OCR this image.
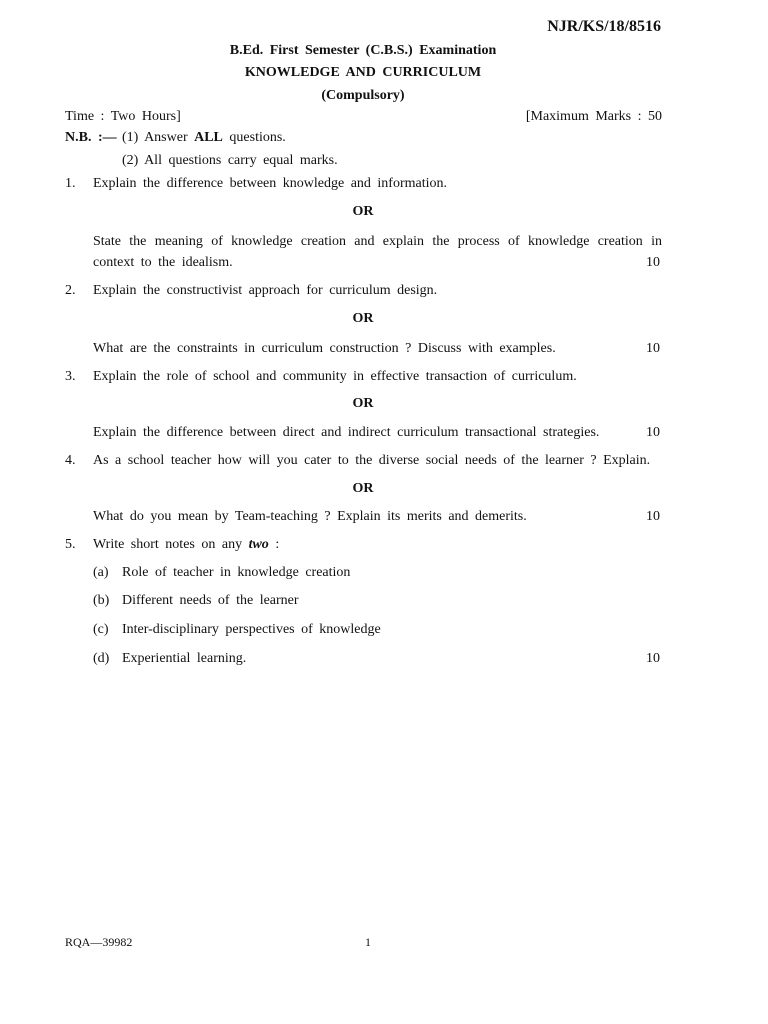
NJR/KS/18/8516
B.Ed. First Semester (C.B.S.) Examination
KNOWLEDGE AND CURRICULUM
(Compulsory)
Time : Two Hours]	[Maximum Marks : 50
N.B. :— (1) Answer ALL questions.
(2) All questions carry equal marks.
1. Explain the difference between knowledge and information.
OR
State the meaning of knowledge creation and explain the process of knowledge creation in
context to the idealism.	10
2. Explain the constructivist approach for curriculum design.
OR
What are the constraints in curriculum construction ? Discuss with examples.	10
3. Explain the role of school and community in effective transaction of curriculum.
OR
Explain the difference between direct and indirect curriculum transactional strategies.	10
4. As a school teacher how will you cater to the diverse social needs of the learner ? Explain.
OR
What do you mean by Team-teaching ? Explain its merits and demerits.	10
5. Write short notes on any two :
(a) Role of teacher in knowledge creation
(b) Different needs of the learner
(c) Inter-disciplinary perspectives of knowledge
(d) Experiential learning.	10
RQA—39982	1
